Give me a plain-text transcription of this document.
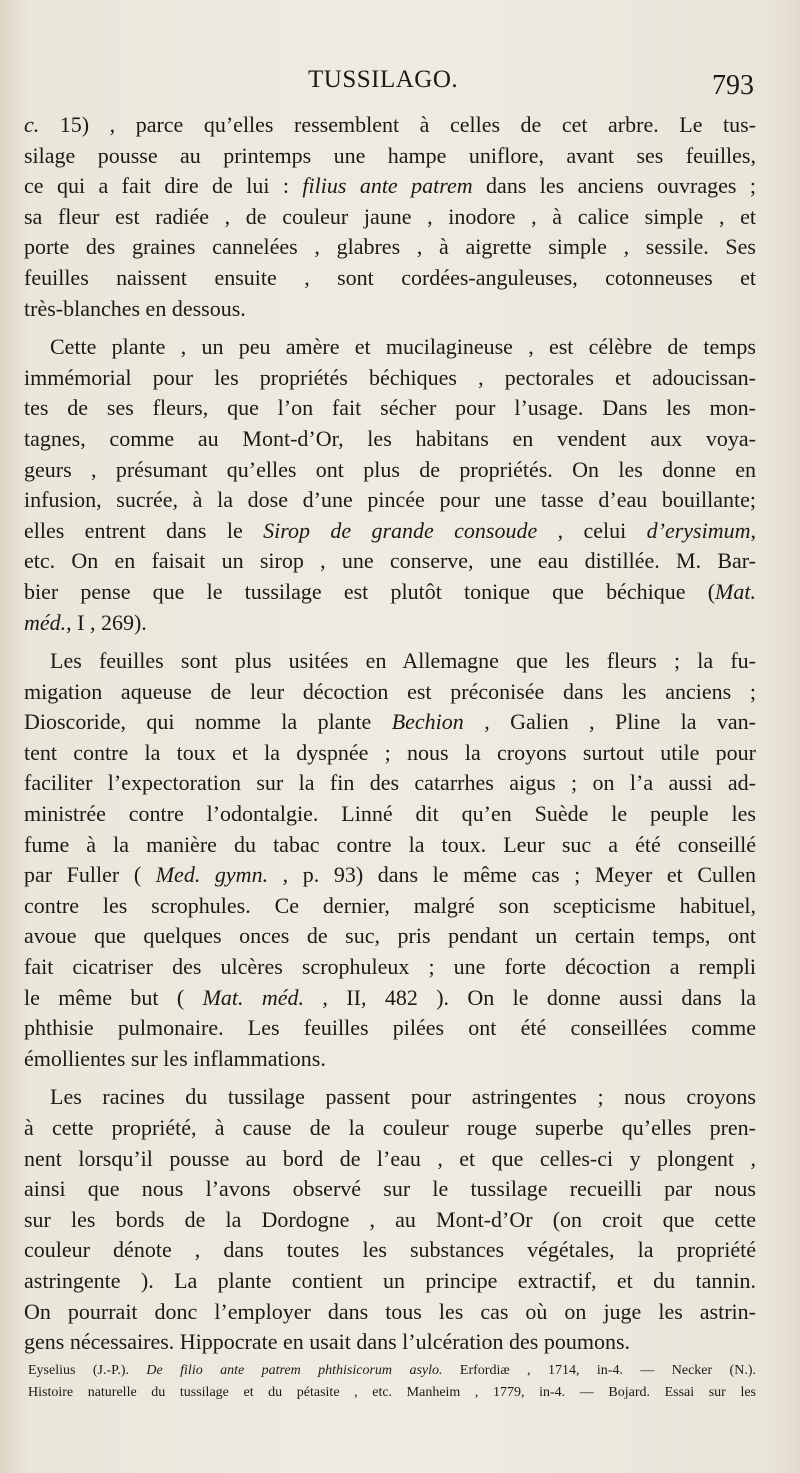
TUSSILAGO.	793
c. 15) , parce qu’elles ressemblent à celles de cet arbre. Le tus-
silage pousse au printemps une hampe uniflore, avant ses feuilles,
ce qui a fait dire de lui : filius ante patrem dans les anciens ouvrages ;
sa fleur est radiée , de couleur jaune , inodore , à calice simple , et
porte des graines cannelées , glabres , à aigrette simple , sessile. Ses
feuilles naissent ensuite , sont cordées-anguleuses, cotonneuses et
très-blanches en dessous.
Cette plante , un peu amère et mucilagineuse , est célèbre de temps
immémorial pour les propriétés béchiques , pectorales et adoucissan-
tes de ses fleurs, que l’on fait sécher pour l’usage. Dans les mon-
tagnes, comme au Mont-d’Or, les habitans en vendent aux voya-
geurs , présumant qu’elles ont plus de propriétés. On les donne en
infusion, sucrée, à la dose d’une pincée pour une tasse d’eau bouillante;
elles entrent dans le Sirop de grande consoude , celui d’erysimum,
etc. On en faisait un sirop , une conserve, une eau distillée. M. Bar-
bier pense que le tussilage est plutôt tonique que béchique (Mat.
méd., I , 269).
Les feuilles sont plus usitées en Allemagne que les fleurs ; la fu-
migation aqueuse de leur décoction est préconisée dans les anciens ;
Dioscoride, qui nomme la plante Bechion , Galien , Pline la van-
tent contre la toux et la dyspnée ; nous la croyons surtout utile pour
faciliter l’expectoration sur la fin des catarrhes aigus ; on l’a aussi ad-
ministrée contre l’odontalgie. Linné dit qu’en Suède le peuple les
fume à la manière du tabac contre la toux. Leur suc a été conseillé
par Fuller ( Med. gymn. , p. 93) dans le même cas ; Meyer et Cullen
contre les scrophules. Ce dernier, malgré son scepticisme habituel,
avoue que quelques onces de suc, pris pendant un certain temps, ont
fait cicatriser des ulcères scrophuleux ; une forte décoction a rempli
le même but ( Mat. méd. , II, 482 ). On le donne aussi dans la
phthisie pulmonaire. Les feuilles pilées ont été conseillées comme
émollientes sur les inflammations.
Les racines du tussilage passent pour astringentes ; nous croyons
à cette propriété, à cause de la couleur rouge superbe qu’elles pren-
nent lorsqu’il pousse au bord de l’eau , et que celles-ci y plongent ,
ainsi que nous l’avons observé sur le tussilage recueilli par nous
sur les bords de la Dordogne , au Mont-d’Or (on croit que cette
couleur dénote , dans toutes les substances végétales, la propriété
astringente ). La plante contient un principe extractif, et du tannin.
On pourrait donc l’employer dans tous les cas où on juge les astrin-
gens nécessaires. Hippocrate en usait dans l’ulcération des poumons.
Eyselius (J.-P.). De filio ante patrem phthisicorum asylo. Erfordiæ , 1714, in-4. — Necker (N.).
Histoire naturelle du tussilage et du pétasite , etc. Manheim , 1779, in-4. — Bojard. Essai sur les
